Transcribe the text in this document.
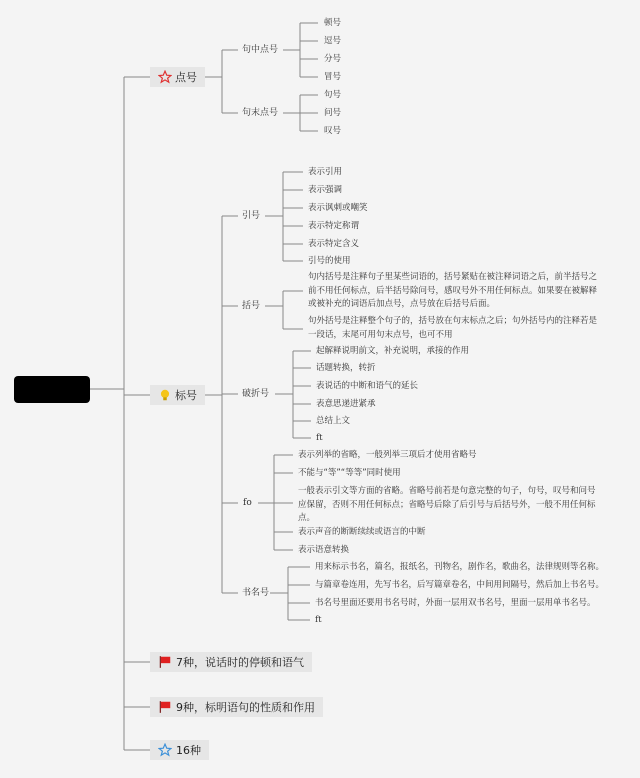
点号
句中点号
顿号
逗号
分号
冒号
句末点号
句号
问号
叹号
标号
引号
表示引用
表示强调
表示讽刺或嘲笑
表示特定称谓
表示特定含义
引号的使用
括号
句内括号是注释句子里某些词语的，括号紧贴在被注释词语之后，前半括号之前不用任何标点，后半括号除问号，感叹号外不用任何标点。如果要在被解释或被补充的词语后加点号，点号放在后括号后面。
句外括号是注释整个句子的，括号放在句末标点之后；句外括号内的注释若是一段话，末尾可用句末点号，也可不用
破折号
起解释说明前文，补充说明，承接的作用
话题转换，转折
表说话的中断和语气的延长
表意思递进紧承
总结上文
ft
fo
表示列举的省略，一般列举三项后才使用省略号
不能与“等”“等等”同时使用
一般表示引文等方面的省略。省略号前若是句意完整的句子，句号，叹号和问号应保留，否则不用任何标点；省略号后除了后引号与后括号外，一般不用任何标点。
表示声音的断断续续或语言的中断
表示语意转换
书名号
用来标示书名，篇名，报纸名，刊物名，剧作名，歌曲名，法律规则等名称。
与篇章卷连用，先写书名，后写篇章卷名，中间用间隔号，然后加上书名号。
书名号里面还要用书名号时，外面一层用双书名号，里面一层用单书名号。
ft
7种，说话时的停顿和语气
9种，标明语句的性质和作用
16种
